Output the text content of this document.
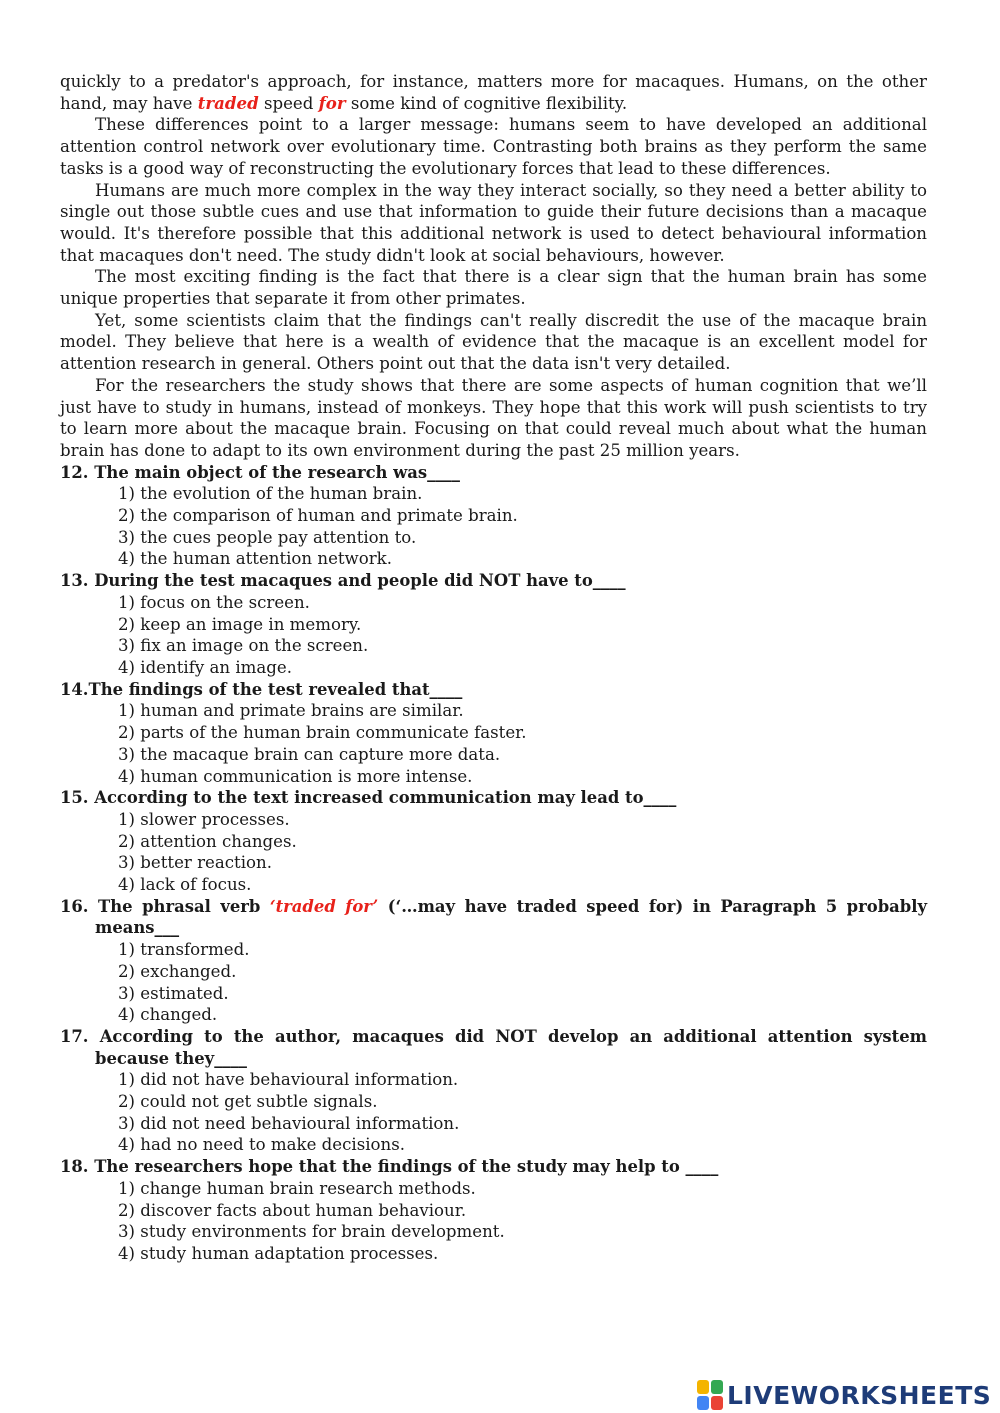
quickly to a predator's approach, for instance, matters more for macaques. Humans, on the other hand, may have traded speed for some kind of cognitive flexibility.

These differences point to a larger message: humans seem to have developed an additional attention control network over evolutionary time. Contrasting both brains as they perform the same tasks is a good way of reconstructing the evolutionary forces that lead to these differences.

Humans are much more complex in the way they interact socially, so they need a better ability to single out those subtle cues and use that information to guide their future decisions than a macaque would. It's therefore possible that this additional network is used to detect behavioural information that macaques don't need. The study didn't look at social behaviours, however.

The most exciting finding is the fact that there is a clear sign that the human brain has some unique properties that separate it from other primates.

Yet, some scientists claim that the findings can't really discredit the use of the macaque brain model. They believe that here is a wealth of evidence that the macaque is an excellent model for attention research in general. Others point out that the data isn't very detailed.

For the researchers the study shows that there are some aspects of human cognition that we’ll just have to study in humans, instead of monkeys. They hope that this work will push scientists to try to learn more about the macaque brain. Focusing on that could reveal much about what the human brain has done to adapt to its own environment during the past 25 million years.

12. The main object of the research was____

1) the evolution of the human brain.

2) the comparison of human and primate brain.

3) the cues people pay attention to.

4) the human attention network.

13. During the test macaques and people did NOT have to____

1) focus on the screen.

2) keep an image in memory.

3) fix an image on the screen.

4) identify an image.

14.The findings of the test revealed that____

1) human and primate brains are similar.

2) parts of the human brain communicate faster.

3) the macaque brain can capture more data.

4) human communication is more intense.

15. According to the text increased communication may lead to____

1) slower processes.

2) attention changes.

3) better reaction.

4) lack of focus.

16. The phrasal verb ‘traded for’ (‘…may have traded speed for) in Paragraph 5 probably means___

1) transformed.

2) exchanged.

3) estimated.

4) changed.

17. According to the author, macaques did NOT develop an additional attention system because they____

1) did not have behavioural information.

2) could not get subtle signals.

3) did not need behavioural information.

4) had no need to make decisions.

18. The researchers hope that the findings of the study may help to ____

1) change human brain research methods.

2) discover facts about human behaviour.

3) study environments for brain development.

4) study human adaptation processes.

LIVEWORKSHEETS
